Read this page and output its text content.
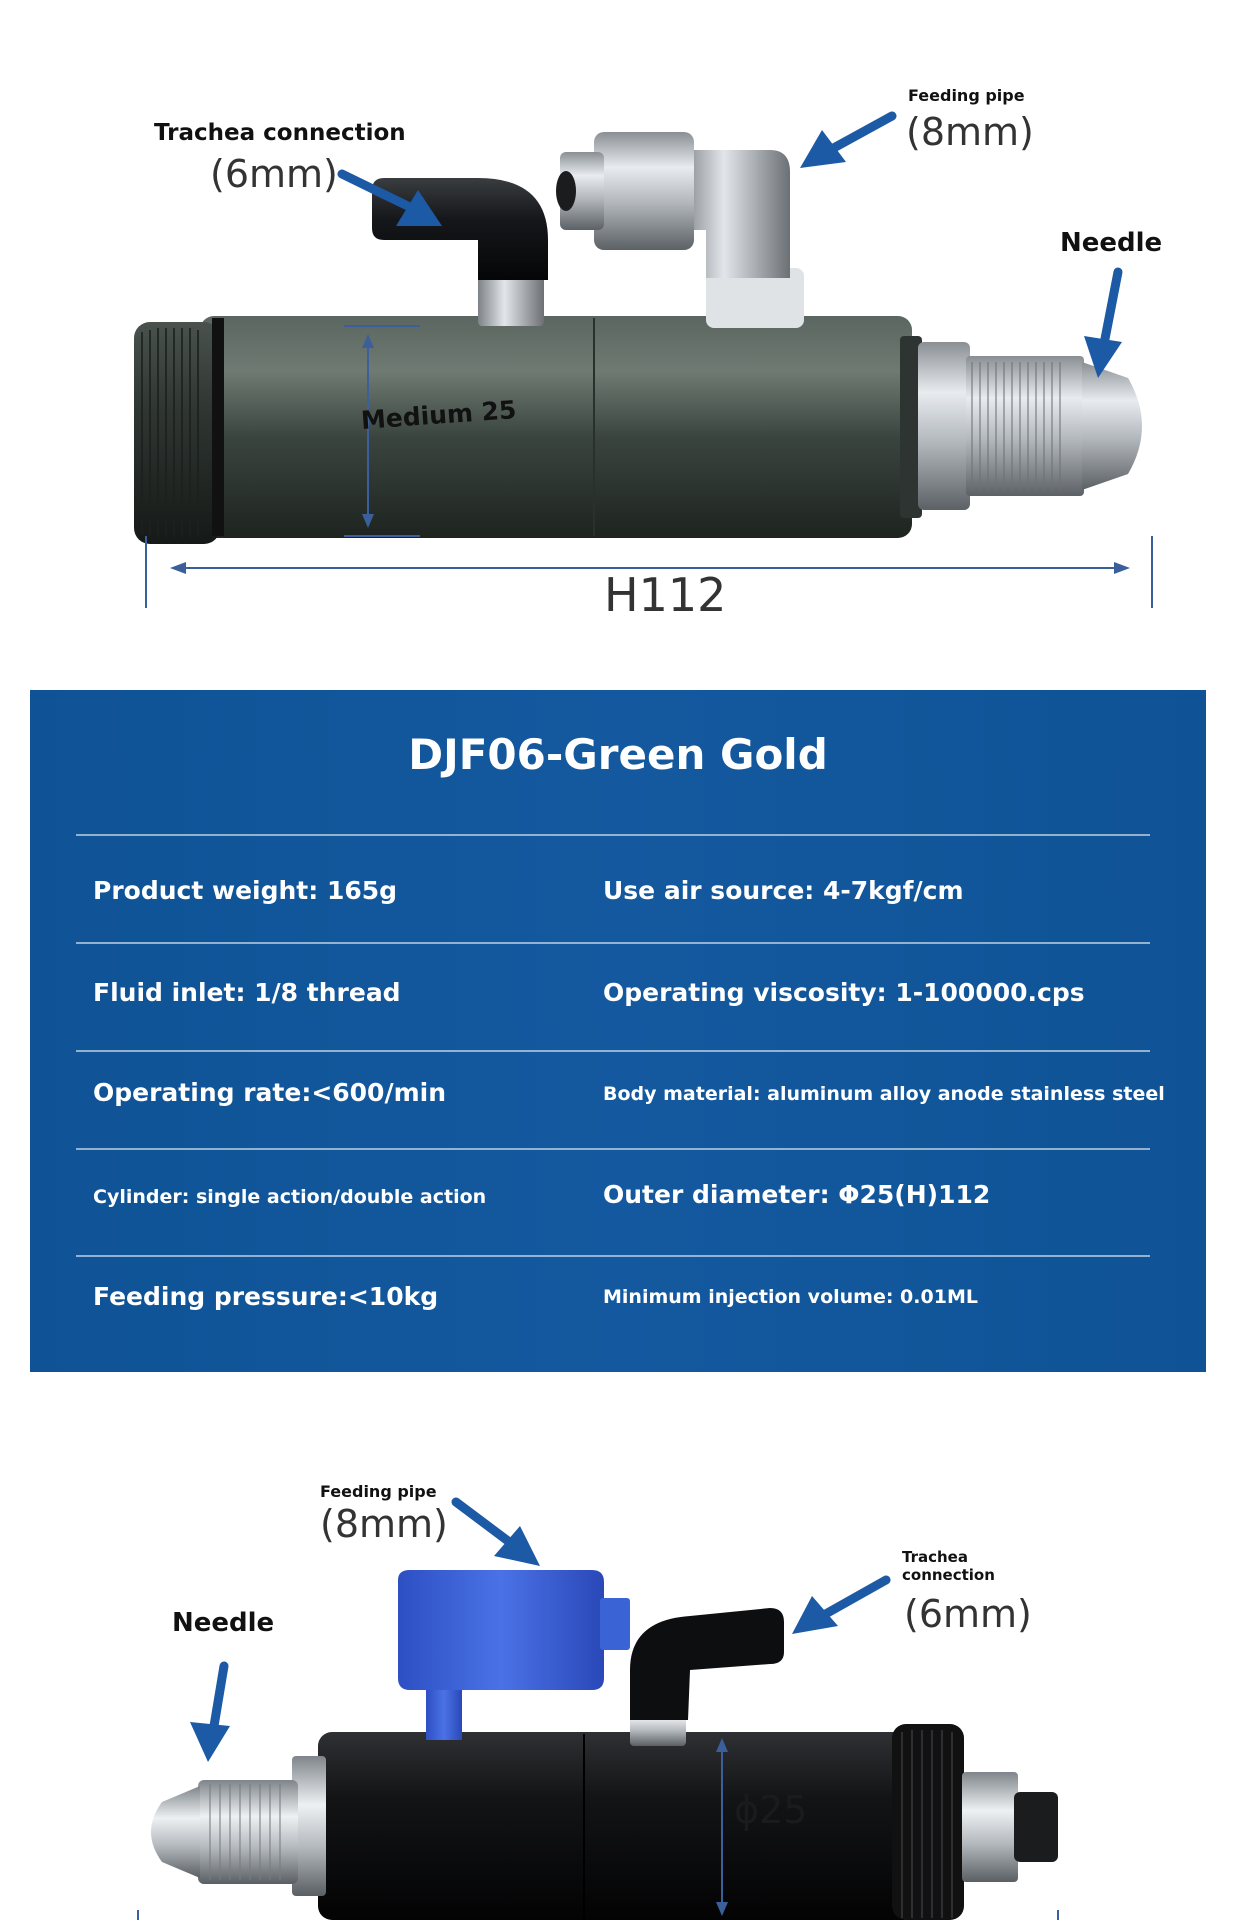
Trachea connection
(6mm)
Feeding pipe
(8mm)
Needle
Medium 25
H112
DJF06-Green Gold
Product weight: 165g	Use air source: 4-7kgf/cm
Fluid inlet: 1/8 thread	Operating viscosity: 1-100000.cps
Operating rate:<600/min	Body material: aluminum alloy anode stainless steel
Cylinder: single action/double action	Outer diameter: Φ25(H)112
Feeding pressure:<10kg	Minimum injection volume: 0.01ML
Feeding pipe
(8mm)
Trachea
connection
(6mm)
Needle
ϕ25
